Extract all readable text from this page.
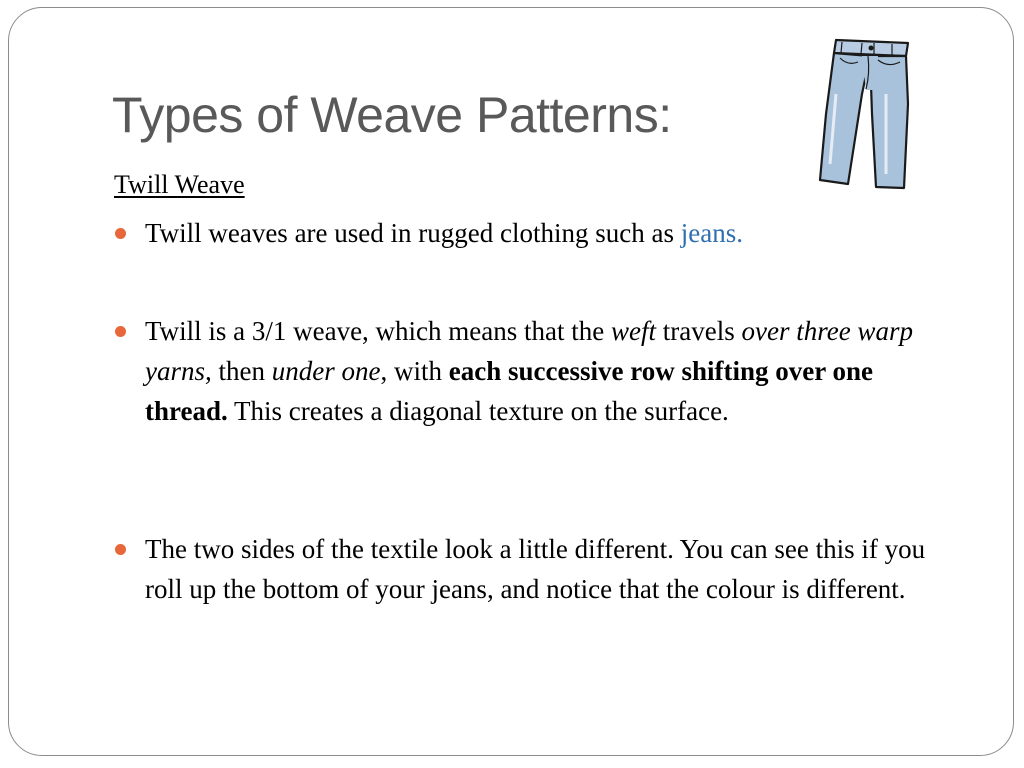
Types of Weave Patterns:
Twill Weave
Twill weaves are used in rugged clothing such as jeans.
Twill is a 3/1 weave, which means that the weft travels over three warp yarns, then under one, with each successive row shifting over one thread. This creates a diagonal texture on the surface.
The two sides of the textile look a little different. You can see this if you roll up the bottom of your jeans, and notice that the colour is different.
